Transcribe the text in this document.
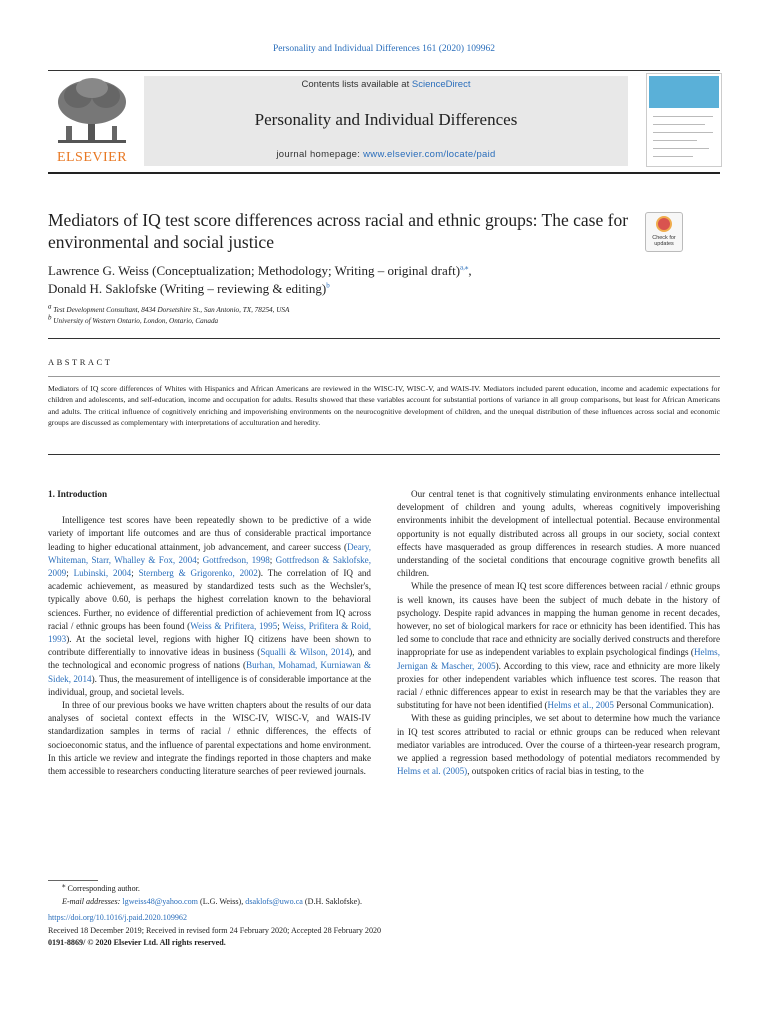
Personality and Individual Differences 161 (2020) 109962
ELSEVIER
Contents lists available at ScienceDirect
Personality and Individual Differences
journal homepage: www.elsevier.com/locate/paid
Mediators of IQ test score differences across racial and ethnic groups: The case for environmental and social justice	Check for updates
Lawrence G. Weiss (Conceptualization; Methodology; Writing – original draft)$^{a,⁎}$,
Donald H. Saklofske (Writing – reviewing & editing)$^b$
$^a$ Test Development Consultant, 8434 Dorsetshire St., San Antonio, TX, 78254, USA
$^b$ University of Western Ontario, London, Ontario, Canada
ABSTRACT
Mediators of IQ score differences of Whites with Hispanics and African Americans are reviewed in the WISC-IV, WISC-V, and WAIS-IV. Mediators included parent education, income and academic expectations for children and adolescents, and self-education, income and occupation for adults. Results showed that these variables account for substantial portions of variance in all group comparisons, but least for African Americans and adults. The critical influence of cognitively enriching and impoverishing environments on the neurocognitive development of children, and the unequal distribution of these influences across social and economic groups are discussed as complementary with interpretations of acculturation and heredity.
1. Introduction

Intelligence test scores have been repeatedly shown to be predictive of a wide variety of important life outcomes and are thus of considerable practical importance leading to higher educational attainment, job advancement, and career success (Deary, Whiteman, Starr, Whalley & Fox, 2004; Gottfredson, 1998; Gottfredson & Saklofske, 2009; Lubinski, 2004; Sternberg & Grigorenko, 2002). The correlation of IQ and academic achievement, as measured by standardized tests such as the Wechsler's, typically above 0.60, is perhaps the highest correlation known to the behavioral sciences. Further, no evidence of differential prediction of achievement from IQ across racial / ethnic groups has been found (Weiss & Prifitera, 1995; Weiss, Prifitera & Roid, 1993). At the societal level, regions with higher IQ citizens have been shown to contribute differentially to innovative ideas in business (Squalli & Wilson, 2014), and the technological and economic progress of nations (Burhan, Mohamad, Kurniawan & Sidek, 2014). Thus, the measurement of intelligence is of considerable importance at the individual, group, and societal levels.

In three of our previous books we have written chapters about the results of our data analyses of societal context effects in the WISC-IV, WISC-V, and WAIS-IV standardization samples in terms of racial / ethnic differences, the effects of socioeconomic status, and the influence of parental expectations and home environment. In this article we review and integrate the findings reported in those chapters and make them accessible to researchers conducting literature searches of peer reviewed journals.

Our central tenet is that cognitively stimulating environments enhance intellectual development of children and young adults, whereas cognitively impoverishing environments inhibit the development of intellectual potential. Because environmental opportunity is not equally distributed across all groups in our society, social context effects have masqueraded as group differences in research studies. A more nuanced understanding of the societal conditions that encourage cognitive growth benefits all children.

While the presence of mean IQ test score differences between racial / ethnic groups is well known, its causes have been the subject of much debate in the history of psychology. Despite rapid advances in mapping the human genome in recent decades, however, no set of biological markers for race or ethnicity has been identified. This has led some to conclude that race and ethnicity are socially derived constructs and therefore inappropriate for use as independent variables to explain psychological findings (Helms, Jernigan & Mascher, 2005). According to this view, race and ethnicity are more likely proxies for other independent variables which influence test scores. The reason that racial / ethnic differences appear to exist in research may be that the variables they are substituting for have not been identified (Helms et al., 2005 Personal Communication).

With these as guiding principles, we set about to determine how much the variance in IQ test scores attributed to racial or ethnic groups can be reduced when relevant mediator variables are introduced. Over the course of a thirteen-year research program, we applied a regression based methodology of potential mediators recommended by Helms et al. (2005), outspoken critics of racial bias in testing, to the

⁎ Corresponding author.
E-mail addresses: lgweiss48@yahoo.com (L.G. Weiss), dsaklofs@uwo.ca (D.H. Saklofske).
https://doi.org/10.1016/j.paid.2020.109962
Received 18 December 2019; Received in revised form 24 February 2020; Accepted 28 February 2020
0191-8869/ © 2020 Elsevier Ltd. All rights reserved.
